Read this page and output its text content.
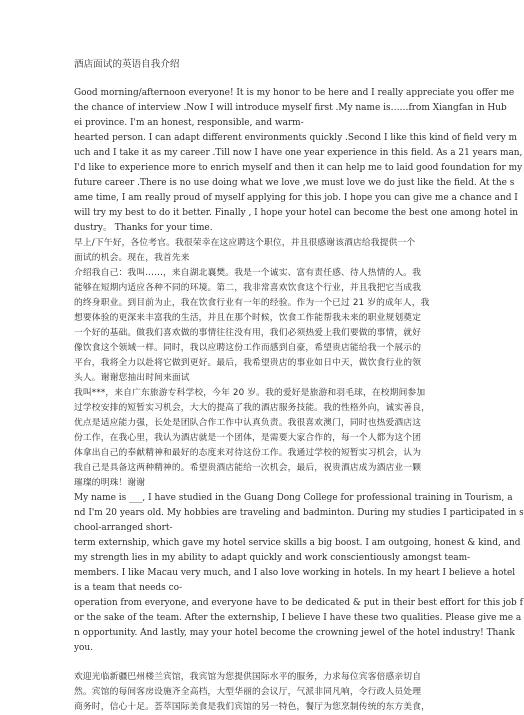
酒店面试的英语自我介绍
Good morning/afternoon everyone! It is my honor to be here and I really appreciate you offer me
the chance of interview .Now I will introduce myself first .My name is……from Xiangfan in Hub
ei province. I'm an honest, responsible, and warm-
hearted person. I can adapt different environments quickly .Second I like this kind of field very m
uch and I take it as my career .Till now I have one year experience in this field. As a 21 years man,
I'd like to experience more to enrich myself and then it can help me to laid good foundation for my
future career .There is no use doing what we love ,we must love we do just like the field. At the s
ame time, I am really proud of myself applying for this job. I hope you can give me a chance and I
will try my best to do it better. Finally , I hope your hotel can become the best one among hotel in
dustry。 Thanks for your time.
早上/下午好，各位考官。我很荣幸在这应聘这个职位，并且很感谢该酒店给我提供一个
面试的机会。现在，我首先来
介绍我自己：我叫……，来自湖北襄樊。我是一个诚实、富有责任感、待人热情的人。我
能够在短期内适应各种不同的环境。第二，我非常喜欢饮食这个行业，并且我把它当成我
的终身职业。到目前为止，我在饮食行业有一年的经验。作为一个已过 21 岁的成年人，我
想要体验的更深来丰富我的生活，并且在那个时候，饮食工作能帮我未来的职业规划奠定
一个好的基础。做我们喜欢做的事情往往没有用，我们必须热爱上我们要做的事情，就好
像饮食这个领域一样。同时，我以应聘这份工作而感到自豪，希望贵店能给我一个展示的
平台，我将全力以赴将它做到更好。最后，我希望贵店的事业如日中天，做饮食行业的领
头人。谢谢您抽出时间来面试
我叫***，来自广东旅游专科学校，今年 20 岁。我的爱好是旅游和羽毛球，在校期间参加
过学校安排的短暂实习机会，大大的提高了我的酒店服务技能。我的性格外向，诚实善良，
优点是适应能力强，长处是团队合作工作中认真负责。我很喜欢澳门，同时也热爱酒店这
份工作，在我心里，我认为酒店就是一个团体，是需要大家合作的，每一个人都为这个团
体拿出自己的奉献精神和最好的态度来对待这份工作。我通过学校的短暂实习机会，认为
我自己是具备这两种精神的。希望贵酒店能给一次机会，最后，祝贵酒店成为酒店业一颗
璀璨的明珠！谢谢
My name is ___, I have studied in the Guang Dong College for professional training in Tourism, a
nd I'm 20 years old. My hobbies are traveling and badminton. During my studies I participated in s
chool-arranged short-
term externship, which gave my hotel service skills a big boost. I am outgoing, honest & kind, and
my strength lies in my ability to adapt quickly and work conscientiously amongst team-
members. I like Macau very much, and I also love working in hotels. In my heart I believe a hotel
is a team that needs co-
operation from everyone, and everyone have to be dedicated & put in their best effort for this job f
or the sake of the team. After the externship, I believe I have these two qualities. Please give me a
n opportunity. And lastly, may your hotel become the crowning jewel of the hotel industry! Thank
you.
欢迎光临新疆巴州楼兰宾馆，我宾馆为您提供国际水平的服务，力求每位宾客倍感亲切自
然。宾馆的每间客房设施齐全高档，大型华丽的会议厅，气派非同凡响，令行政人员处理
商务时，信心十足。荟萃国际美食是我们宾馆的另一特色，餐厅为您烹制传统的东方美食，
